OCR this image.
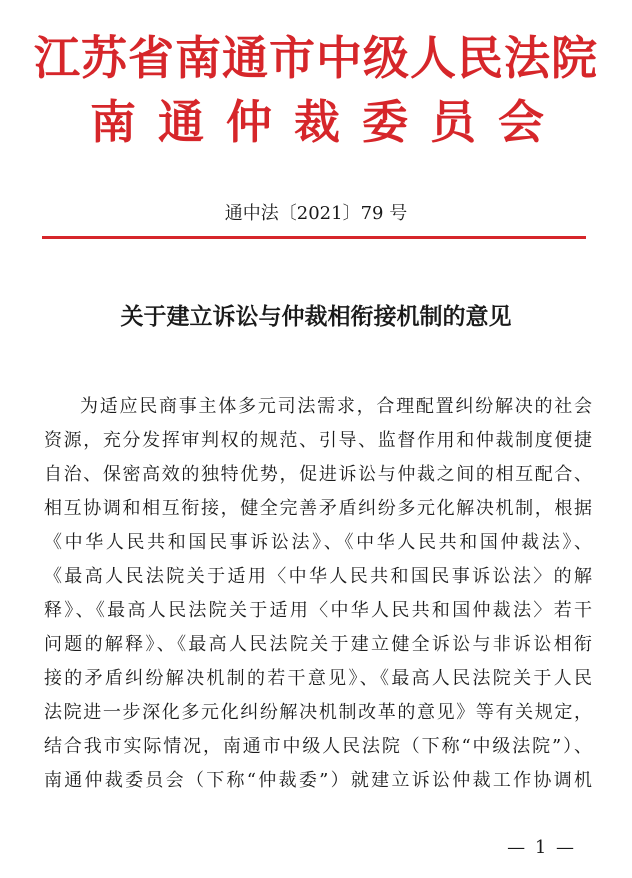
江苏省南通市中级人民法院
南通仲裁委员会
通中法〔2021〕79 号
关于建立诉讼与仲裁相衔接机制的意见
为适应民商事主体多元司法需求，合理配置纠纷解决的社会
资源，充分发挥审判权的规范、引导、监督作用和仲裁制度便捷
自治、保密高效的独特优势，促进诉讼与仲裁之间的相互配合、
相互协调和相互衔接，健全完善矛盾纠纷多元化解决机制，根据
《中华人民共和国民事诉讼法》、《中华人民共和国仲裁法》、
《最高人民法院关于适用〈中华人民共和国民事诉讼法〉的解
释》、《最高人民法院关于适用〈中华人民共和国仲裁法〉若干
问题的解释》、《最高人民法院关于建立健全诉讼与非诉讼相衔
接的矛盾纠纷解决机制的若干意见》、《最高人民法院关于人民
法院进一步深化多元化纠纷解决机制改革的意见》等有关规定，
结合我市实际情况，南通市中级人民法院（下称“中级法院”）、
南通仲裁委员会（下称“仲裁委”）就建立诉讼仲裁工作协调机
— 1 —
